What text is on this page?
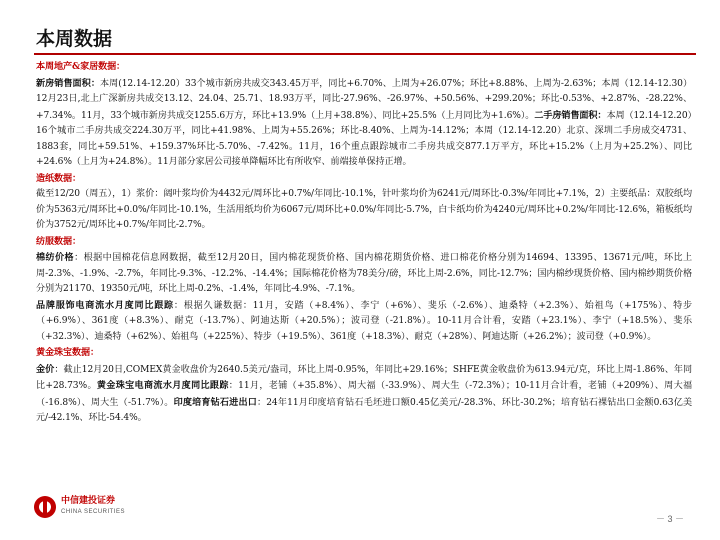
本周数据

本周地产&家居数据：
新房销售面积：本周(12.14-12.20）33个城市新房共成交343.45万平，同比+6.70%、上周为+26.07%；环比+8.88%、上周为-2.63%；本周（12.14-12.30）12月23日,北上广深新房共成交13.12、24.04、25.71、18.93万平，同比-27.96%、-26.97%、+50.56%、+299.20%；环比-0.53%、+2.87%、-28.22%、+7.34%。11月，33个城市新房共成交1255.6万方，环比+13.9%（上月+38.8%）、同比+25.5%（上月同比为+1.6%）。二手房销售面积：本周（12.14-12.20）16个城市二手房共成交224.30万平，同比+41.98%、上周为+55.26%；环比-8.40%、上周为-14.12%；本周（12.14-12.20）北京、深圳二手房成交4731、1883套，同比+59.51%、+159.37%环比-5.70%、-7.42%。11月，16个重点跟踪城市二手房共成交877.1万平方，环比+15.2%（上月为+25.2%）、同比+24.6%（上月为+24.8%）。11月部分家居公司接单降幅环比有所收窄、前端接单保持正增。

造纸数据：
截至12/20（周五），1）浆价：阔叶浆均价为4432元/周环比+0.7%/年同比-10.1%，针叶浆均价为6241元/周环比-0.3%/年同比+7.1%，2）主要纸品：双胶纸均价为5363元/周环比+0.0%/年同比-10.1%，生活用纸均价为6067元/周环比+0.0%/年同比-5.7%，白卡纸均价为4240元/周环比+0.2%/年同比-12.6%，箱板纸均价为3752元/周环比+0.7%/年同比-2.7%。

纺服数据：
棉纺价格：根据中国棉花信息网数据，截至12月20日，国内棉花现货价格、国内棉花期货价格、进口棉花价格分别为14694、13395、13671元/吨，环比上周-2.3%、-1.9%、-2.7%，年同比-9.3%、-12.2%、-14.4%；国际棉花价格为78美分/磅，环比上周-2.6%，同比-12.7%；国内棉纱现货价格、国内棉纱期货价格分别为21170、19350元/吨，环比上周-0.2%、-1.4%，年同比-4.9%、-7.1%。
品牌服饰电商流水月度同比跟踪：根据久谦数据：11月，安踏（+8.4%）、李宁（+6%）、斐乐（-2.6%）、迪桑特（+2.3%）、始祖鸟（+175%）、特步（+6.9%）、361度（+8.3%）、耐克（-13.7%）、阿迪达斯（+20.5%）；波司登（-21.8%）。10-11月合计看，安踏（+23.1%）、李宁（+18.5%）、斐乐（+32.3%）、迪桑特（+62%）、始祖鸟（+225%）、特步（+19.5%）、361度（+18.3%）、耐克（+28%）、阿迪达斯（+26.2%）；波司登（+0.9%）。

黄金珠宝数据：
金价：截止12月20日,COMEX黄金收盘价为2640.5美元/盎司，环比上周-0.95%，年同比+29.16%；SHFE黄金收盘价为613.94元/克，环比上周-1.86%、年同比+28.73%。黄金珠宝电商流水月度同比跟踪：11月，老铺（+35.8%）、周大福（-33.9%）、周大生（-72.3%）；10-11月合计看，老铺（+209%）、周大福（-16.8%）、周大生（-51.7%）。印度培育钻石进出口：24年11月印度培育钻石毛坯进口额0.45亿美元/-28.3%、环比-30.2%；培育钻石裸钻出口金额0.63亿美元/-42.1%、环比-54.4%。

中信建投证券
CHINA SECURITIES
－ 3 －
